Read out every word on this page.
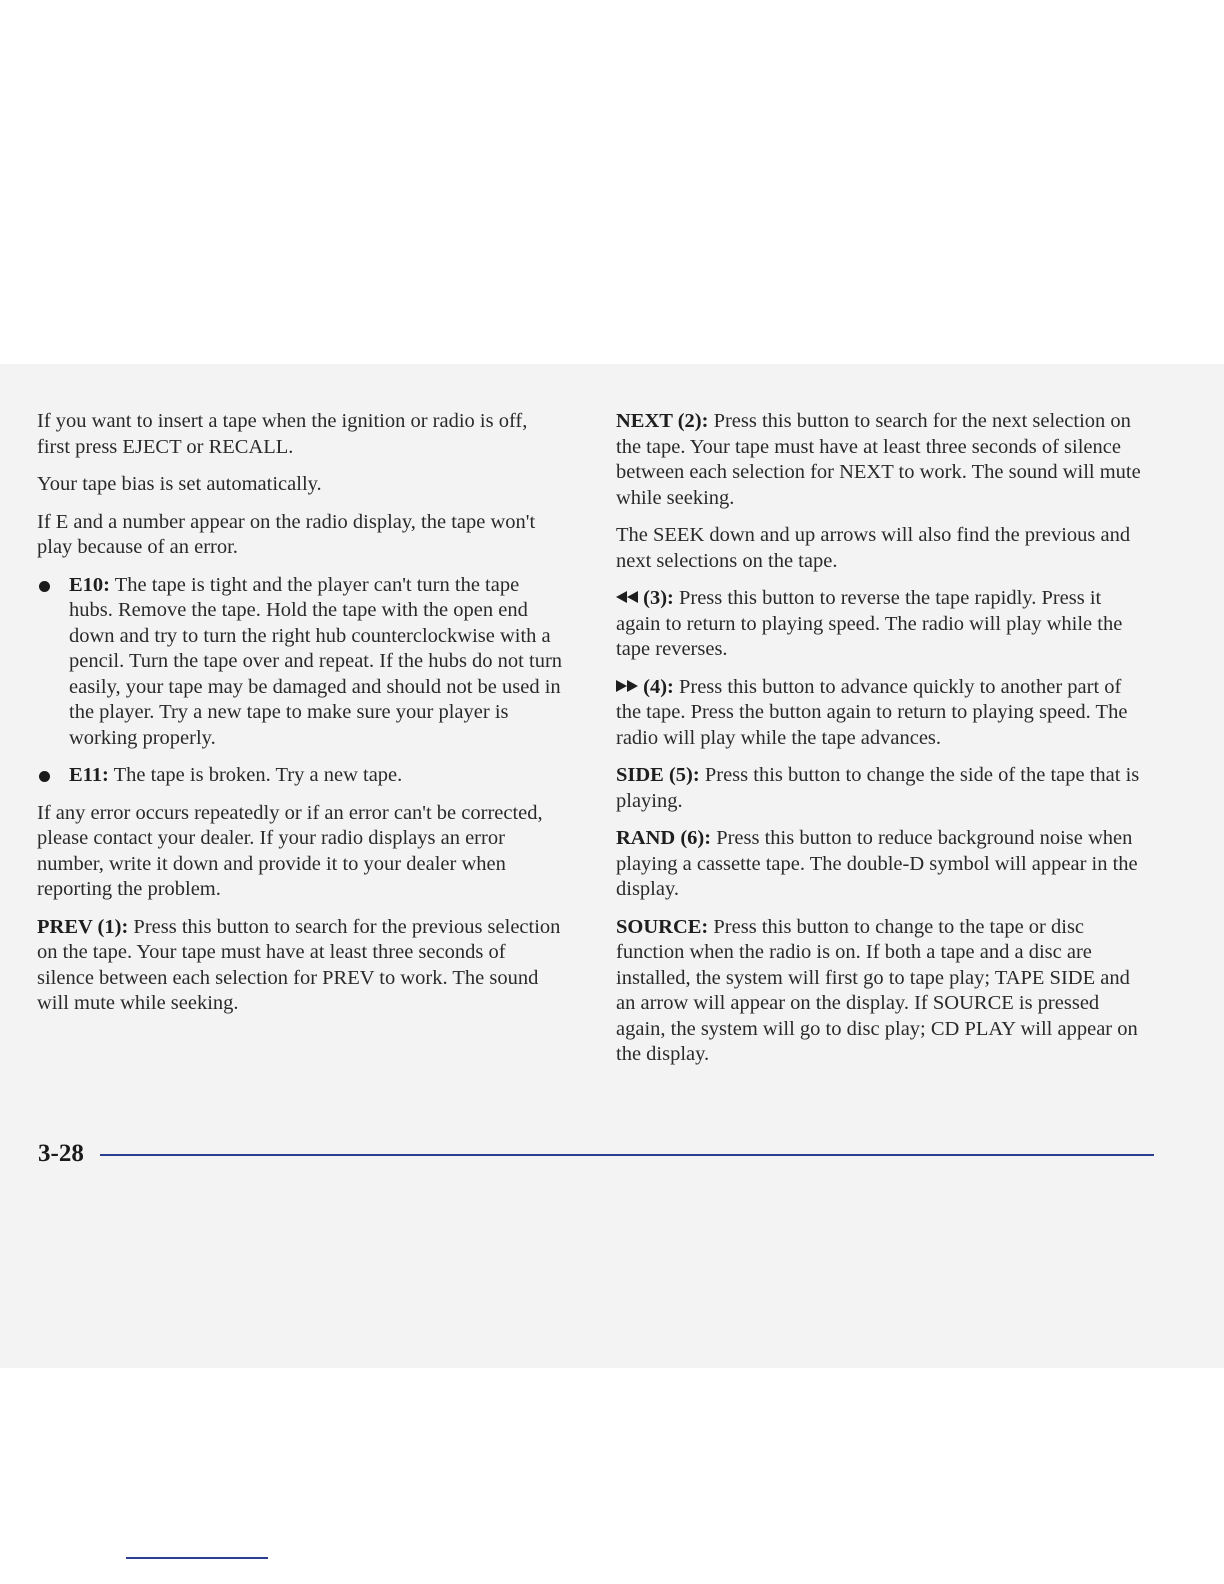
If you want to insert a tape when the ignition or radio is off, first press EJECT or RECALL.

Your tape bias is set automatically.

If E and a number appear on the radio display, the tape won't play because of an error.

E10: The tape is tight and the player can't turn the tape hubs. Remove the tape. Hold the tape with the open end down and try to turn the right hub counterclockwise with a pencil. Turn the tape over and repeat. If the hubs do not turn easily, your tape may be damaged and should not be used in the player. Try a new tape to make sure your player is working properly.
E11: The tape is broken. Try a new tape.

If any error occurs repeatedly or if an error can't be corrected, please contact your dealer. If your radio displays an error number, write it down and provide it to your dealer when reporting the problem.

PREV (1): Press this button to search for the previous selection on the tape. Your tape must have at least three seconds of silence between each selection for PREV to work. The sound will mute while seeking.

NEXT (2): Press this button to search for the next selection on the tape. Your tape must have at least three seconds of silence between each selection for NEXT to work. The sound will mute while seeking.

The SEEK down and up arrows will also find the previous and next selections on the tape.

(3): Press this button to reverse the tape rapidly. Press it again to return to playing speed. The radio will play while the tape reverses.

(4): Press this button to advance quickly to another part of the tape. Press the button again to return to playing speed. The radio will play while the tape advances.

SIDE (5): Press this button to change the side of the tape that is playing.

RAND (6): Press this button to reduce background noise when playing a cassette tape. The double-D symbol will appear in the display.

SOURCE: Press this button to change to the tape or disc function when the radio is on. If both a tape and a disc are installed, the system will first go to tape play; TAPE SIDE and an arrow will appear on the display. If SOURCE is pressed again, the system will go to disc play; CD PLAY will appear on the display.

3-28
